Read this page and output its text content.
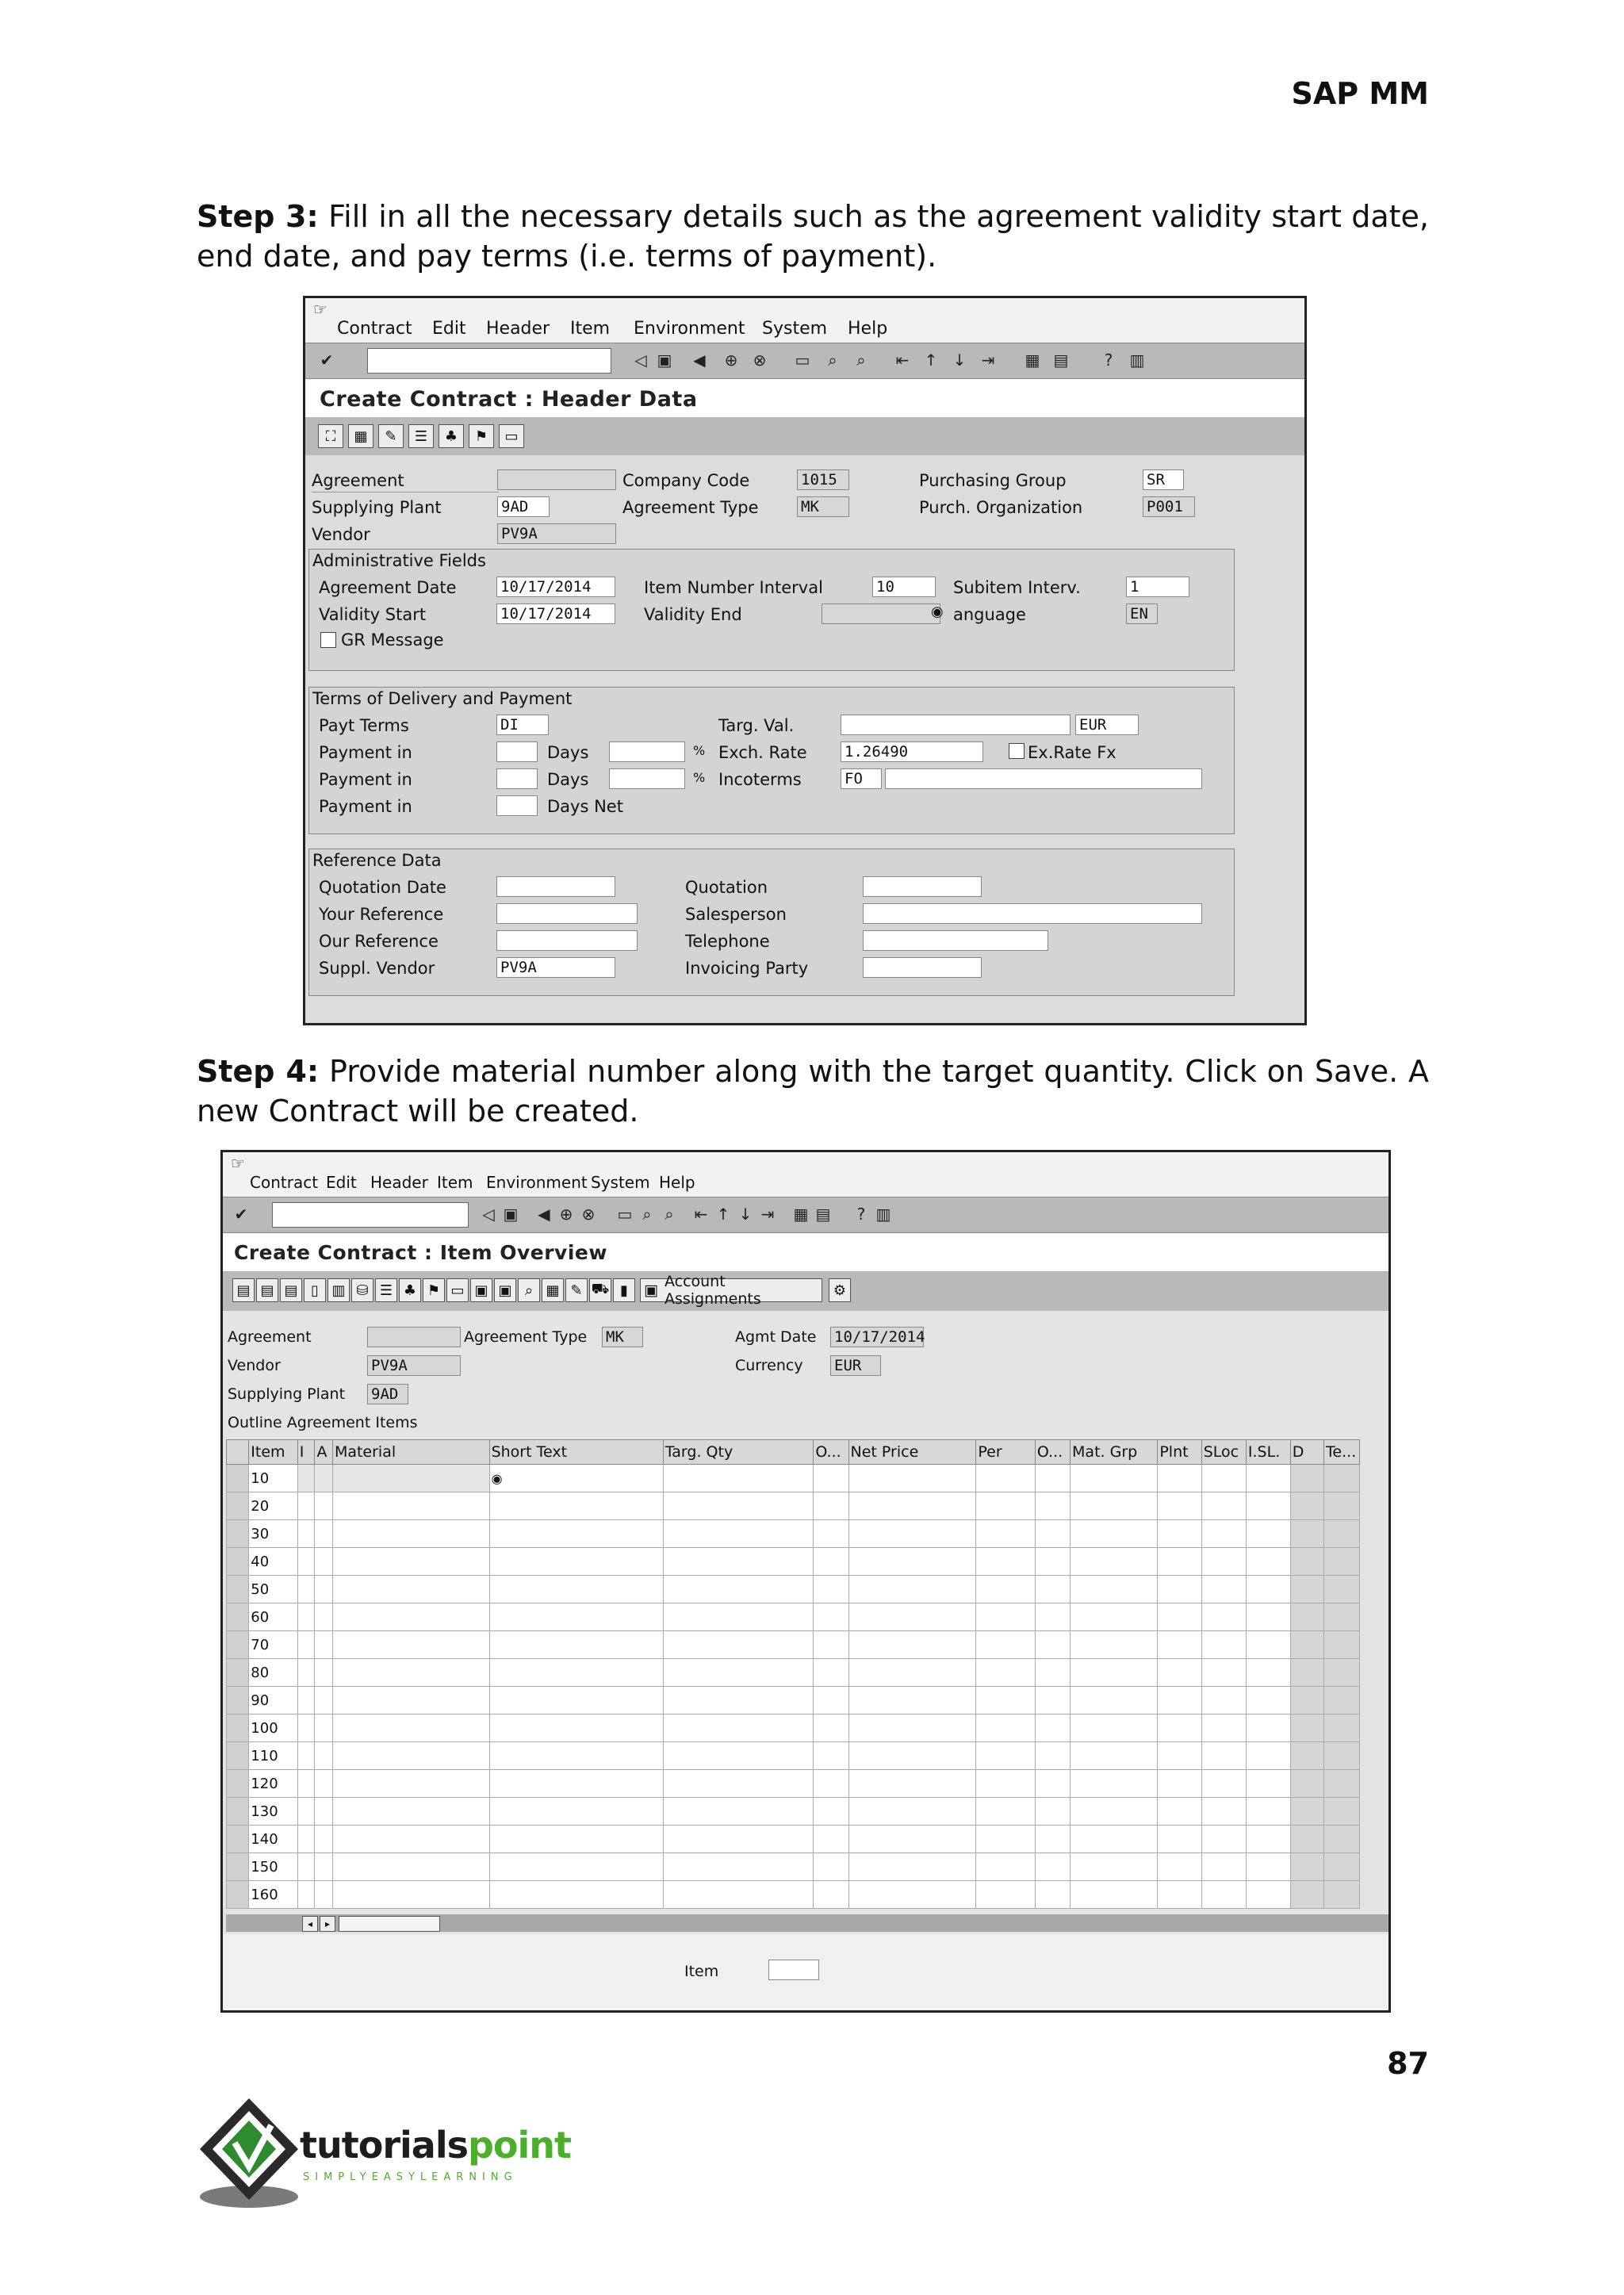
SAP MM
Step 3: Fill in all the necessary details such as the agreement validity start date, end date, and pay terms (i.e. terms of payment).
☞
Contract Edit Header Item Environment System Help
✔	◁ ▣ ◀ ⊕ ⊗ ▭	⌕	⌕	⇤ ↑ ↓ ⇥ ▦ ▤	?	▥
Create Contract : Header Data
⛶	▦	✎	☰	♣	⚑	▭
Agreement	Company Code	1015	Purchasing Group	SR
Supplying Plant	9AD	Agreement Type	MK	Purch. Organization	P001
Vendor	PV9A
Administrative Fields
Agreement Date	10/17/2014	Item Number Interval	10	Subitem Interv.	1
Validity Start	10/17/2014	Validity End	◉ anguage	EN
GR Message
Terms of Delivery and Payment
Payt Terms	DI	Targ. Val.	EUR
Payment in	Days	% Exch. Rate 1.26490	Ex.Rate Fx
Payment in	Days	% Incoterms	FO
Payment in	Days Net
Reference Data
Quotation Date	Quotation
Your Reference	Salesperson
Our Reference	Telephone
Suppl. Vendor	PV9A	Invoicing Party
Step 4: Provide material number along with the target quantity. Click on Save. A new Contract will be created.
☞
Contract Edit Header Item Environment System Help
✔	◁ ▣ ◀ ⊕ ⊗ ▭ ⌕ ⌕	⇤ ↑ ↓ ⇥ ▦ ▤	? ▥
Create Contract : Item Overview
▤ ▤ ▤ ▯ ▥ ⛁ ☰ ♣ ⚑ ▭ ▣ ▣ ⌕ ▦ ✎ ⛟ ▮	▣ Account Assignments	⚙
Agreement	Agreement Type MK	Agmt Date 10/17/2014
Vendor	PV9A	Currency EUR
Supplying Plant 9AD
Outline Agreement Items
	Item	I	A	Material	Short Text	Targ. Qty	O...	Net Price	Per	O...	Mat. Grp	Plnt	SLoc	I.SL.	D	Te...
	10				◉											
	20															
	30															
	40															
	50															
	60															
	70															
	80															
	90															
	100															
	110															
	120															
	130															
	140															
	150															
	160															
◂	▸
Item
87
tutorialspoint
SIMPLYEASYLEARNING
